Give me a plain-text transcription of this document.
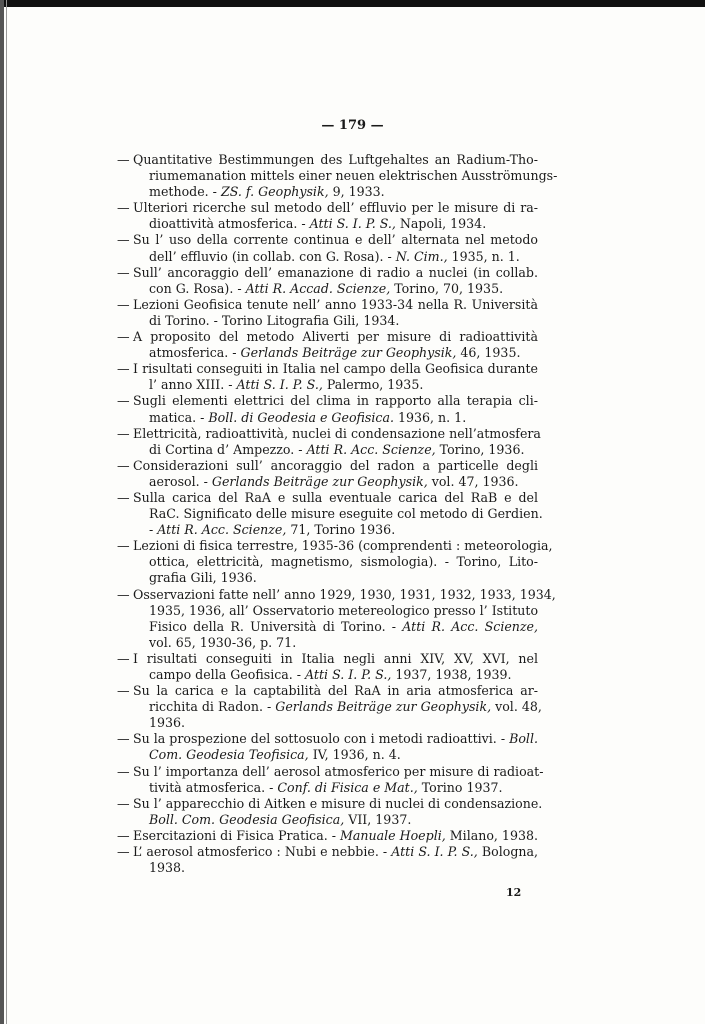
— 179 —
— Quantitative Bestimmungen des Luftgehaltes an Radium-Tho-
riumemanation mittels einer neuen elektrischen Ausströmungs-
methode. - ZS. f. Geophysik, 9, 1933.
— Ulteriori ricerche sul metodo dell’ effluvio per le misure di ra-
dioattività atmosferica. - Atti S. I. P. S., Napoli, 1934.
— Su l’ uso della corrente continua e dell’ alternata nel metodo
dell’ effluvio (in collab. con G. Rosa). - N. Cim., 1935, n. 1.
— Sull’ ancoraggio dell’ emanazione di radio a nuclei (in collab.
con G. Rosa). - Atti R. Accad. Scienze, Torino, 70, 1935.
— Lezioni Geofisica tenute nell’ anno 1933-34 nella R. Università
di Torino. - Torino Litografia Gili, 1934.
— A proposito del metodo Aliverti per misure di radioattività
atmosferica. - Gerlands Beiträge zur Geophysik, 46, 1935.
— I risultati conseguiti in Italia nel campo della Geofisica durante
l’ anno XIII. - Atti S. I. P. S., Palermo, 1935.
— Sugli elementi elettrici del clima in rapporto alla terapia cli-
matica. - Boll. di Geodesia e Geofisica. 1936, n. 1.
— Elettricità, radioattività, nuclei di condensazione nell’atmosfera
di Cortina d’ Ampezzo. - Atti R. Acc. Scienze, Torino, 1936.
— Considerazioni sull’ ancoraggio del radon a particelle degli
aerosol. - Gerlands Beiträge zur Geophysik, vol. 47, 1936.
— Sulla carica del RaA e sulla eventuale carica del RaB e del
RaC. Significato delle misure eseguite col metodo di Gerdien.
- Atti R. Acc. Scienze, 71, Torino 1936.
— Lezioni di fisica terrestre, 1935-36 (comprendenti : meteorologia,
ottica, elettricità, magnetismo, sismologia). - Torino, Lito-
grafia Gili, 1936.
— Osservazioni fatte nell’ anno 1929, 1930, 1931, 1932, 1933, 1934,
1935, 1936, all’ Osservatorio metereologico presso l’ Istituto
Fisico della R. Università di Torino. - Atti R. Acc. Scienze,
vol. 65, 1930-36, p. 71.
— I risultati conseguiti in Italia negli anni XIV, XV, XVI, nel
campo della Geofisica. - Atti S. I. P. S., 1937, 1938, 1939.
— Su la carica e la captabilità del RaA in aria atmosferica ar-
ricchita di Radon. - Gerlands Beiträge zur Geophysik, vol. 48,
1936.
— Su la prospezione del sottosuolo con i metodi radioattivi. - Boll.
Com. Geodesia Teofisica, IV, 1936, n. 4.
— Su l’ importanza dell’ aerosol atmosferico per misure di radioat-
tività atmosferica. - Conf. di Fisica e Mat., Torino 1937.
— Su l’ apparecchio di Aitken e misure di nuclei di condensazione.
Boll. Com. Geodesia Geofisica, VII, 1937.
— Esercitazioni di Fisica Pratica. - Manuale Hoepli, Milano, 1938.
— L’ aerosol atmosferico : Nubi e nebbie. - Atti S. I. P. S., Bologna,
1938.
12
